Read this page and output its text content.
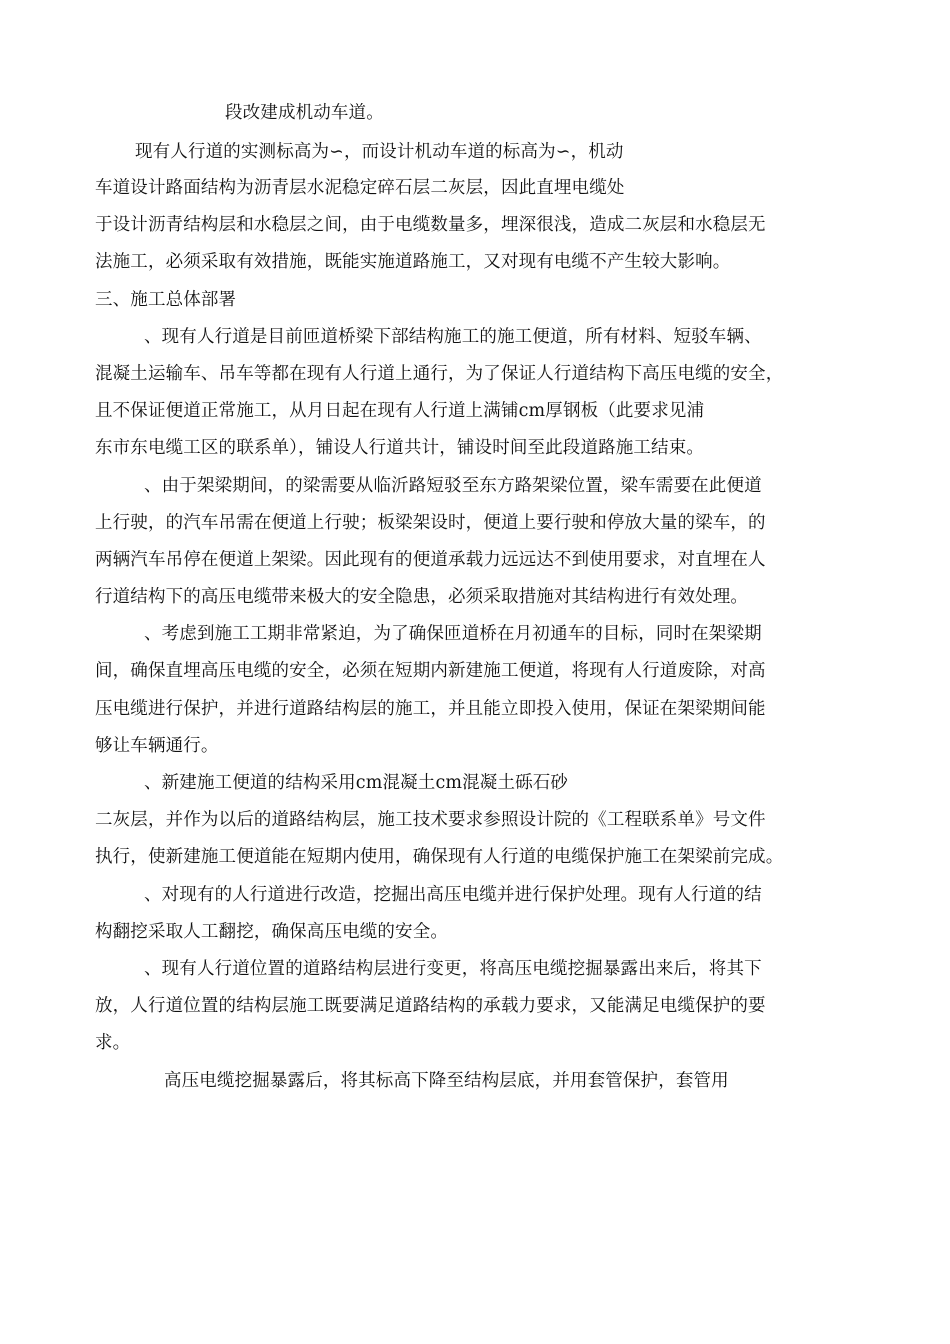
段改建成机动车道。
现有人行道的实测标高为∽，而设计机动车道的标高为∽，机动
车道设计路面结构为沥青层水泥稳定碎石层二灰层，因此直埋电缆处
于设计沥青结构层和水稳层之间，由于电缆数量多，埋深很浅，造成二灰层和水稳层无
法施工，必须采取有效措施，既能实施道路施工，又对现有电缆不产生较大影响。
三、施工总体部署
、现有人行道是目前匝道桥梁下部结构施工的施工便道，所有材料、短驳车辆、
混凝土运输车、吊车等都在现有人行道上通行，为了保证人行道结构下高压电缆的安全，
且不保证便道正常施工，从月日起在现有人行道上满铺cm厚钢板（此要求见浦
东市东电缆工区的联系单），铺设人行道共计，铺设时间至此段道路施工结束。
、由于架梁期间，的梁需要从临沂路短驳至东方路架梁位置，梁车需要在此便道
上行驶，的汽车吊需在便道上行驶；板梁架设时，便道上要行驶和停放大量的梁车，的
两辆汽车吊停在便道上架梁。因此现有的便道承载力远远达不到使用要求，对直埋在人
行道结构下的高压电缆带来极大的安全隐患，必须采取措施对其结构进行有效处理。
、考虑到施工工期非常紧迫，为了确保匝道桥在月初通车的目标，同时在架梁期
间，确保直埋高压电缆的安全，必须在短期内新建施工便道，将现有人行道废除，对高
压电缆进行保护，并进行道路结构层的施工，并且能立即投入使用，保证在架梁期间能
够让车辆通行。
、新建施工便道的结构采用cm混凝土cm混凝土砾石砂
二灰层，并作为以后的道路结构层，施工技术要求参照设计院的《工程联系单》号文件
执行，使新建施工便道能在短期内使用，确保现有人行道的电缆保护施工在架梁前完成。
、对现有的人行道进行改造，挖掘出高压电缆并进行保护处理。现有人行道的结
构翻挖采取人工翻挖，确保高压电缆的安全。
、现有人行道位置的道路结构层进行变更，将高压电缆挖掘暴露出来后，将其下
放，人行道位置的结构层施工既要满足道路结构的承载力要求，又能满足电缆保护的要
求。
高压电缆挖掘暴露后，将其标高下降至结构层底，并用套管保护，套管用
